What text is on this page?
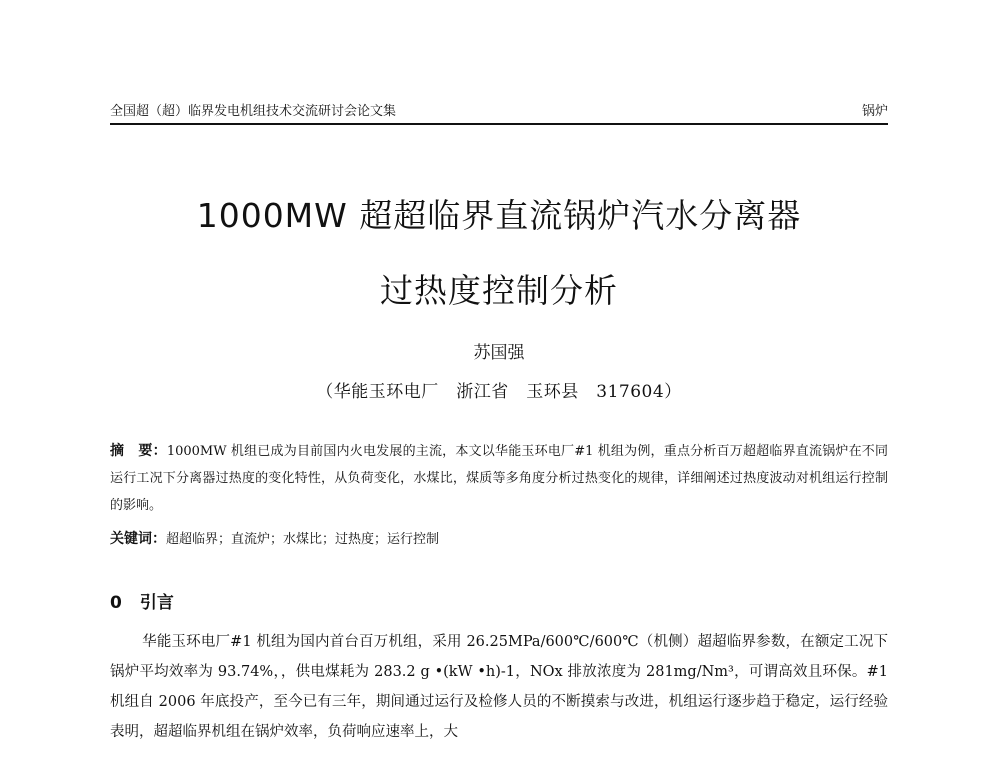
全国超（超）临界发电机组技术交流研讨会论文集	锅炉
1000MW 超超临界直流锅炉汽水分离器
过热度控制分析
苏国强
（华能玉环电厂　浙江省　玉环县　317604）
摘　要：1000MW 机组已成为目前国内火电发展的主流，本文以华能玉环电厂#1 机组为例，重点分析百万超超临界直流锅炉在不同运行工况下分离器过热度的变化特性，从负荷变化，水煤比，煤质等多角度分析过热变化的规律，详细阐述过热度波动对机组运行控制的影响。
关键词：超超临界；直流炉；水煤比；过热度；运行控制
0 引言
华能玉环电厂#1 机组为国内首台百万机组，采用 26.25MPa/600℃/600℃（机侧）超超临界参数，在额定工况下锅炉平均效率为 93.74%，，供电煤耗为 283.2 g •(kW •h)-1，NOx 排放浓度为 281mg/Nm³，可谓高效且环保。#1 机组自 2006 年底投产，至今已有三年，期间通过运行及检修人员的不断摸索与改进，机组运行逐步趋于稳定，运行经验表明，超超临界机组在锅炉效率，负荷响应速率上，大
